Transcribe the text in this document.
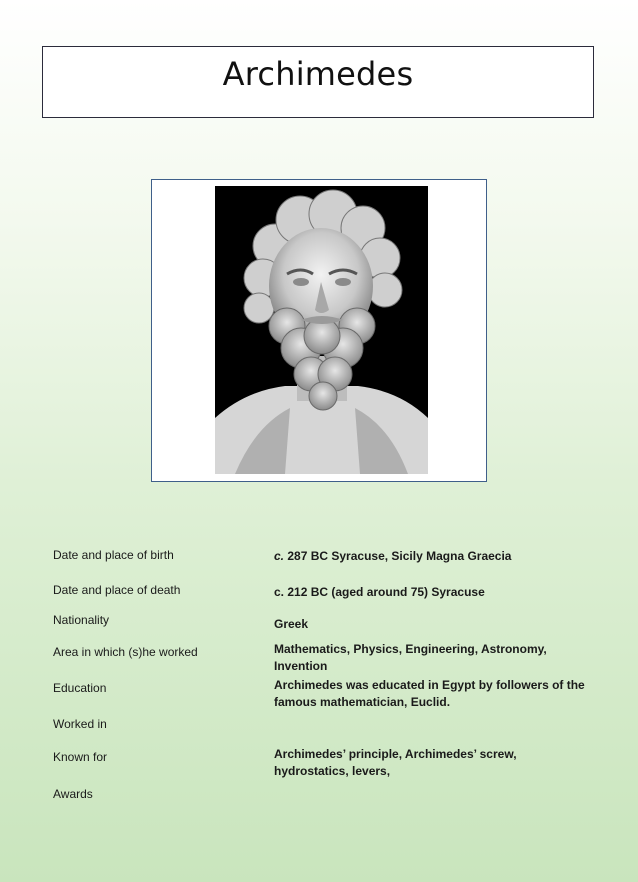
Archimedes
Date and place of birth	c. 287 BC Syracuse, Sicily Magna Graecia
Date and place of death	c. 212 BC (aged around 75) Syracuse
Nationality	Greek
Area in which (s)he worked	Mathematics, Physics, Engineering, Astronomy, Invention
Education	Archimedes was educated in Egypt by followers of the famous mathematician, Euclid.
Worked in
Known for	Archimedes’ principle, Archimedes’ screw, hydrostatics, levers,
Awards
